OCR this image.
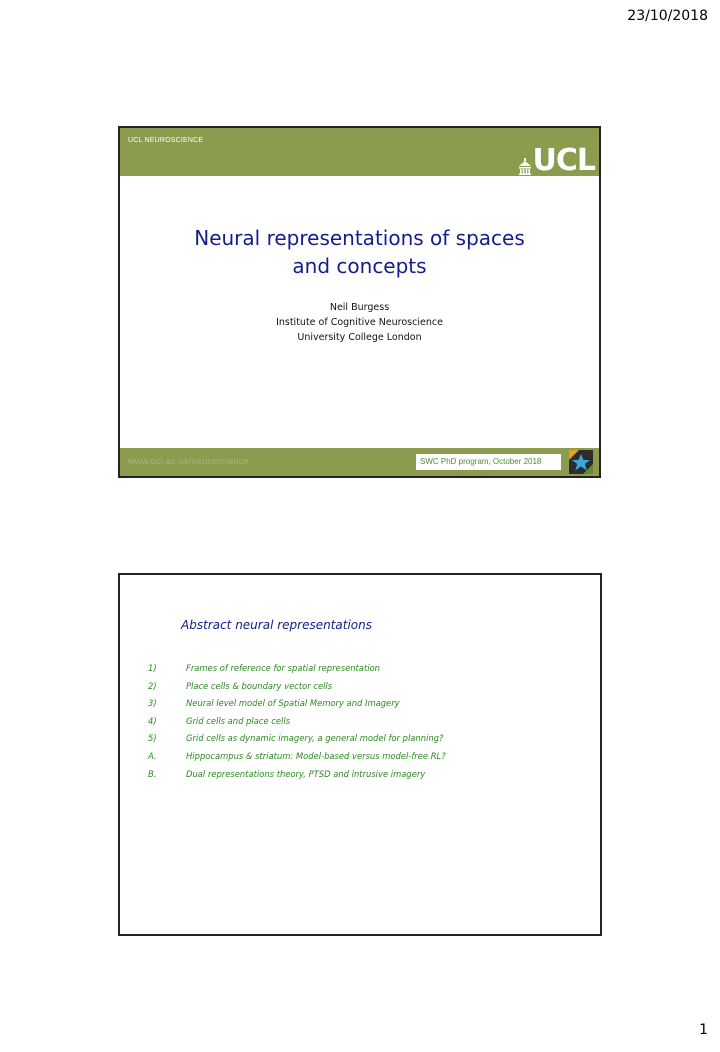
23/10/2018
UCL NEUROSCIENCE
UCL
Neural representations of spaces
and concepts
Neil Burgess
Institute of Cognitive Neuroscience
University College London
www.ucl.ac.uk/neuroscience	SWC PhD program, October 2018
Abstract neural representations
1)	Frames of reference for spatial representation
2)	Place cells & boundary vector cells
3)	Neural level model of Spatial Memory and Imagery
4)	Grid cells and place cells
5)	Grid cells as dynamic imagery, a general model for planning?
A.	Hippocampus & striatum: Model-based versus model-free RL?
B.	Dual representations theory, PTSD and intrusive imagery
1
